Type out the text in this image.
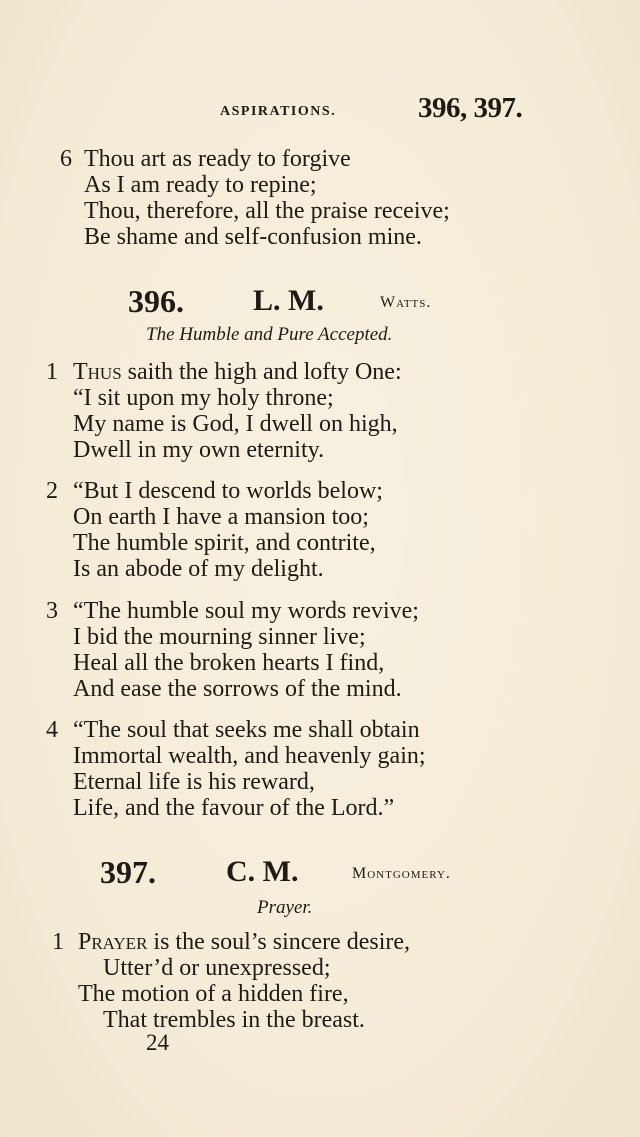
ASPIRATIONS.	396, 397.
6 Thou art as ready to forgive
As I am ready to repine;
Thou, therefore, all the praise receive;
Be shame and self-confusion mine.
396. L. M.	Watts.
The Humble and Pure Accepted.
1 Thus saith the high and lofty One:
“I sit upon my holy throne;
My name is God, I dwell on high,
Dwell in my own eternity.
2 “But I descend to worlds below;
On earth I have a mansion too;
The humble spirit, and contrite,
Is an abode of my delight.
3 “The humble soul my words revive;
I bid the mourning sinner live;
Heal all the broken hearts I find,
And ease the sorrows of the mind.
4 “The soul that seeks me shall obtain
Immortal wealth, and heavenly gain;
Eternal life is his reward,
Life, and the favour of the Lord.”
397. C. M.	Montgomery.
Prayer.
1 Prayer is the soul’s sincere desire,
Utter’d or unexpressed;
The motion of a hidden fire,
That trembles in the breast.
24
